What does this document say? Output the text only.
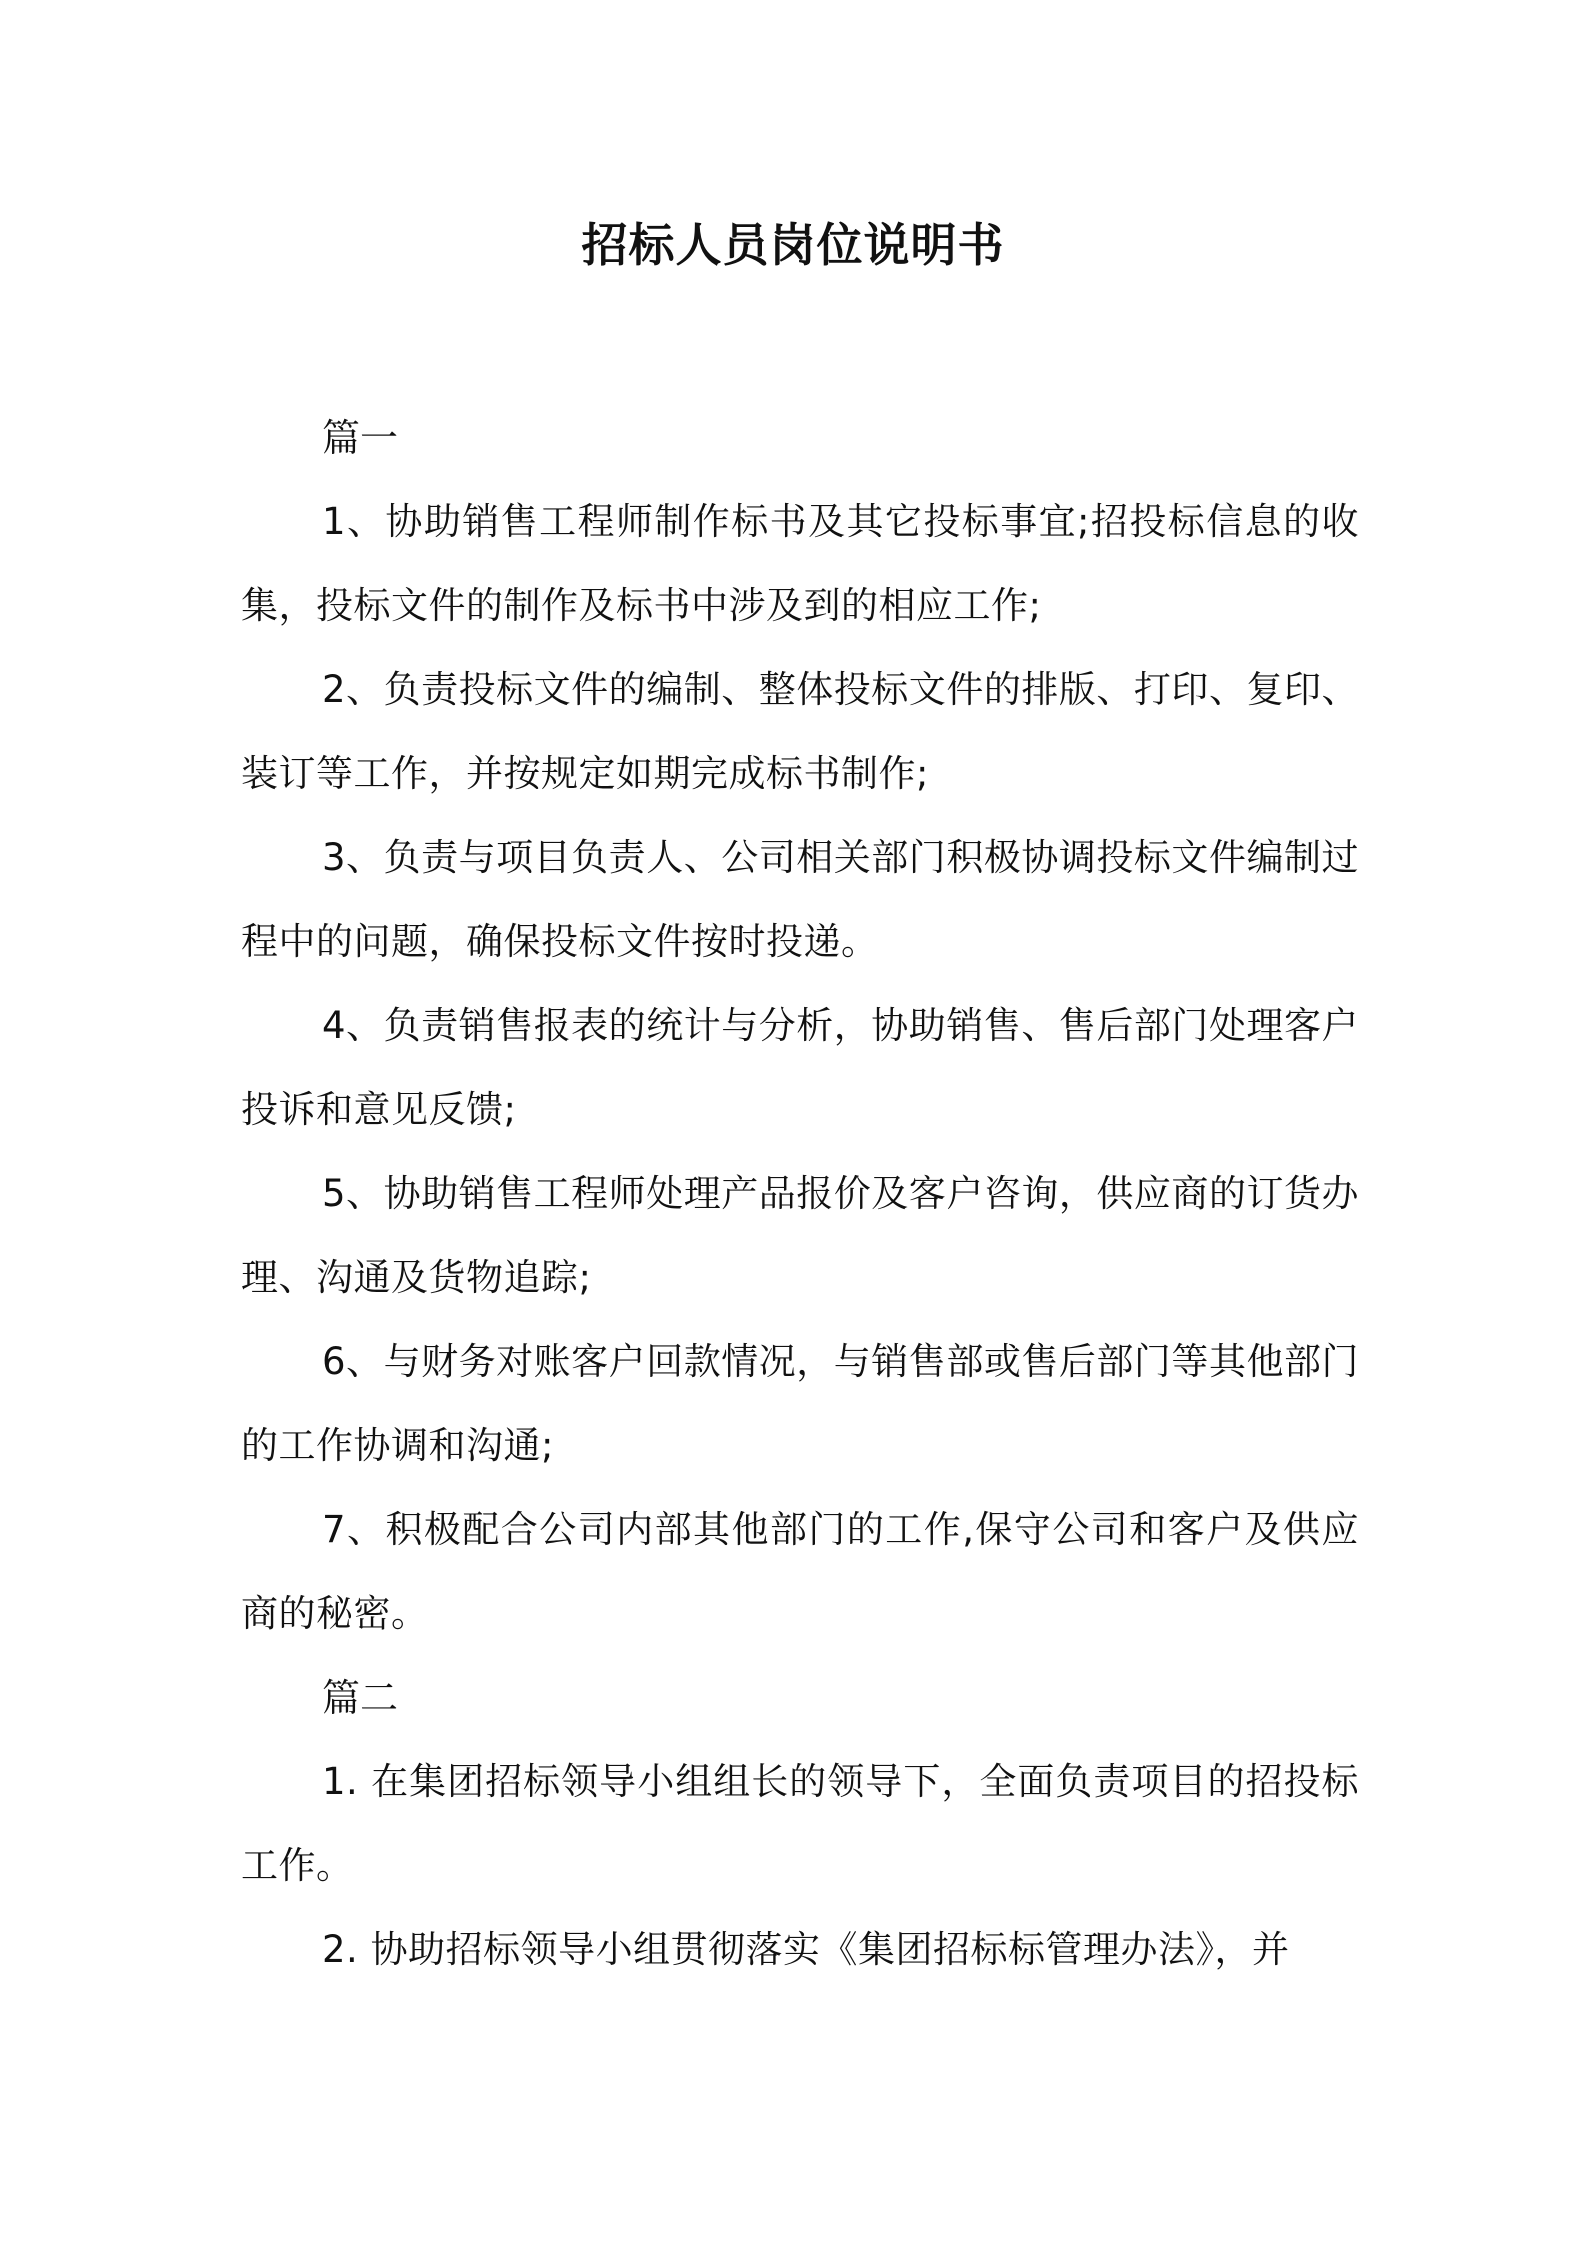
招标人员岗位说明书
篇一
1、协助销售工程师制作标书及其它投标事宜;招投标信息的收集，投标文件的制作及标书中涉及到的相应工作;
2、负责投标文件的编制、整体投标文件的排版、打印、复印、装订等工作，并按规定如期完成标书制作;
3、负责与项目负责人、公司相关部门积极协调投标文件编制过程中的问题，确保投标文件按时投递。
4、负责销售报表的统计与分析，协助销售、售后部门处理客户投诉和意见反馈;
5、协助销售工程师处理产品报价及客户咨询，供应商的订货办理、沟通及货物追踪;
6、与财务对账客户回款情况，与销售部或售后部门等其他部门的工作协调和沟通;
7、积极配合公司内部其他部门的工作,保守公司和客户及供应商的秘密。
篇二
1. 在集团招标领导小组组长的领导下，全面负责项目的招投标工作。
2. 协助招标领导小组贯彻落实《集团招标标管理办法》，并
